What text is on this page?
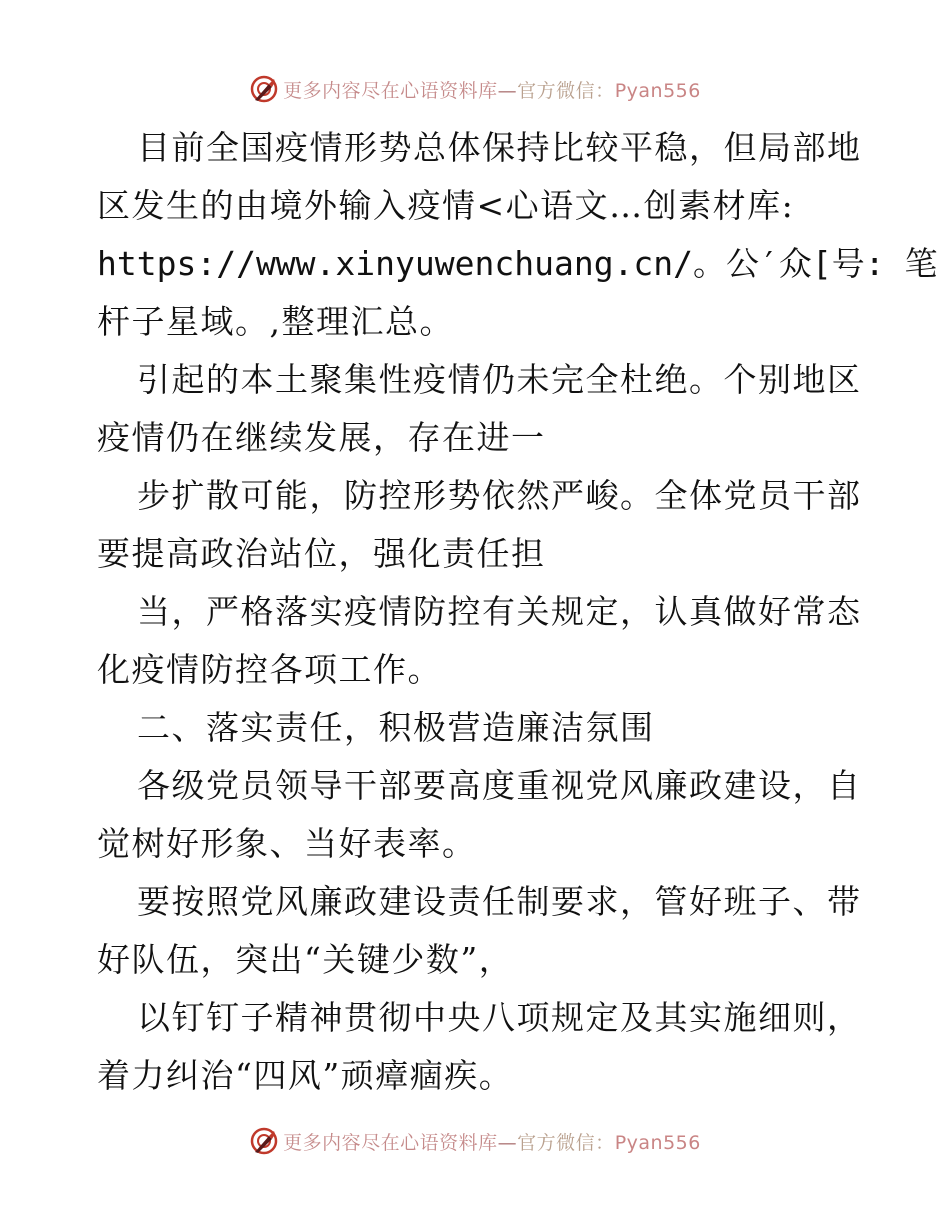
更多内容尽在心语资料库—官方微信：Pyan556
目前全国疫情形势总体保持比较平稳，但局部地
区发生的由境外输入疫情<心语文…创素材库:
https://www.xinyuwenchuang.cn/。公′众[号: 笔
杆子星域。,整理汇总。
引起的本土聚集性疫情仍未完全杜绝。个别地区
疫情仍在继续发展，存在进一
步扩散可能，防控形势依然严峻。全体党员干部
要提高政治站位，强化责任担
当，严格落实疫情防控有关规定，认真做好常态
化疫情防控各项工作。
二、落实责任，积极营造廉洁氛围
各级党员领导干部要高度重视党风廉政建设，自
觉树好形象、当好表率。
要按照党风廉政建设责任制要求，管好班子、带
好队伍，突出“关键少数”，
以钉钉子精神贯彻中央八项规定及其实施细则，
着力纠治“四风”顽瘴痼疾。
更多内容尽在心语资料库—官方微信：Pyan556
